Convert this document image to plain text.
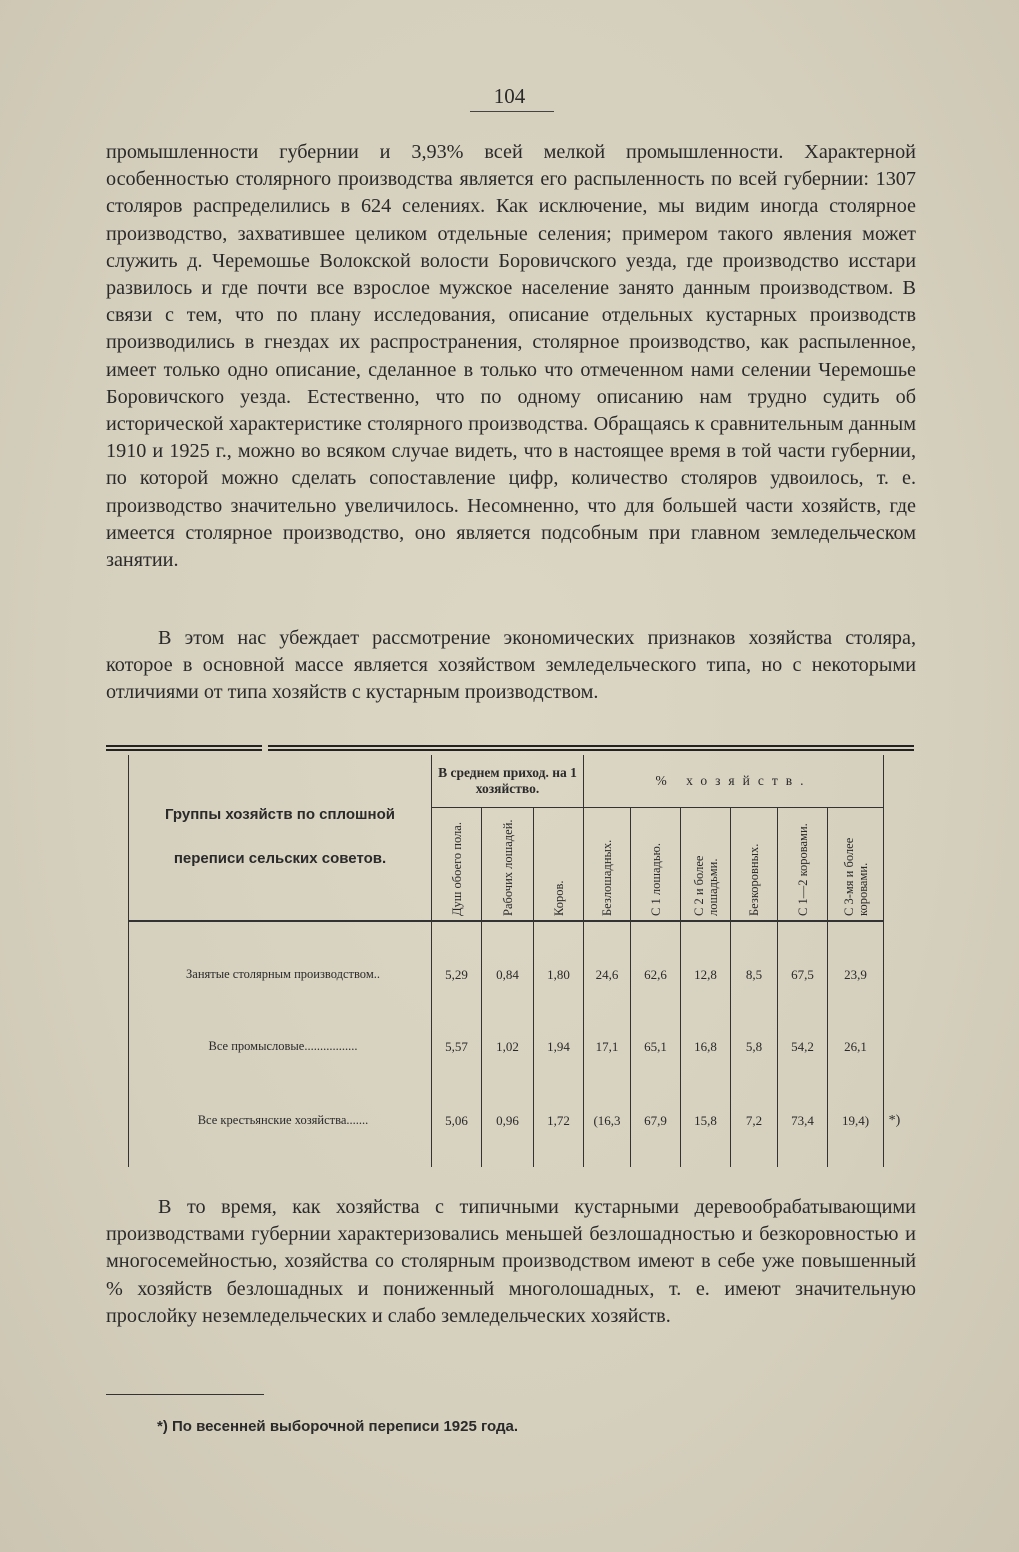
104

промышленности губернии и 3,93% всей мелкой промышленности. Характерной особенностью столярного производства является его распыленность по всей губернии: 1307 столяров распределились в 624 селениях. Как исключение, мы видим иногда столярное производство, захватившее целиком отдельные селения; примером такого явления может служить д. Черемошье Волокской волости Боровичского уезда, где производство исстари развилось и где почти все взрослое мужское население занято данным производством. В связи с тем, что по плану исследования, описание отдельных кустарных производств производились в гнездах их распространения, столярное производство, как распыленное, имеет только одно описание, сделанное в только что отмеченном нами селении Черемошье Боровичского уезда. Естественно, что по одному описанию нам трудно судить об исторической характеристике столярного производства. Обращаясь к сравнительным данным 1910 и 1925 г., можно во всяком случае видеть, что в настоящее время в той части губернии, по которой можно сделать сопоставление цифр, количество столяров удвоилось, т. е. производство значительно увеличилось. Несомненно, что для большей части хозяйств, где имеется столярное производство, оно является подсобным при главном земледельческом занятии.

В этом нас убеждает рассмотрение экономических признаков хозяйства столяра, которое в основной массе является хозяйством земледельческого типа, но с некоторыми отличиями от типа хозяйств с кустарным производством.

Группы хозяйств по сплошной переписи сельских советов.	В среднем приход. на 1 хозяйство.			% хозяйств.						

	Душ обоего пола.	Рабочих лошадей.	Коров.	Безлошадных.	С 1 лошадью.	С 2 и более лошадьми.	Безкоровных.	С 1—2 коровами.	С 3-мя и более коровами.	

Занятые столярным производством..	5,29	0,84	1,80	24,6	62,6	12,8	8,5	67,5	23,9	
Все промысловые.................	5,57	1,02	1,94	17,1	65,1	16,8	5,8	54,2	26,1	
Все крестьянские хозяйства.......	5,06	0,96	1,72	(16,3	67,9	15,8	7,2	73,4	19,4)	*)

В то время, как хозяйства с типичными кустарными деревообрабатывающими производствами губернии характеризовались меньшей безлошадностью и безкоровностью и многосемейностью, хозяйства со столярным производством имеют в себе уже повышенный % хозяйств безлошадных и пониженный многолошадных, т. е. имеют значительную прослойку неземледельческих и слабо земледельческих хозяйств.

*) По весенней выборочной переписи 1925 года.
